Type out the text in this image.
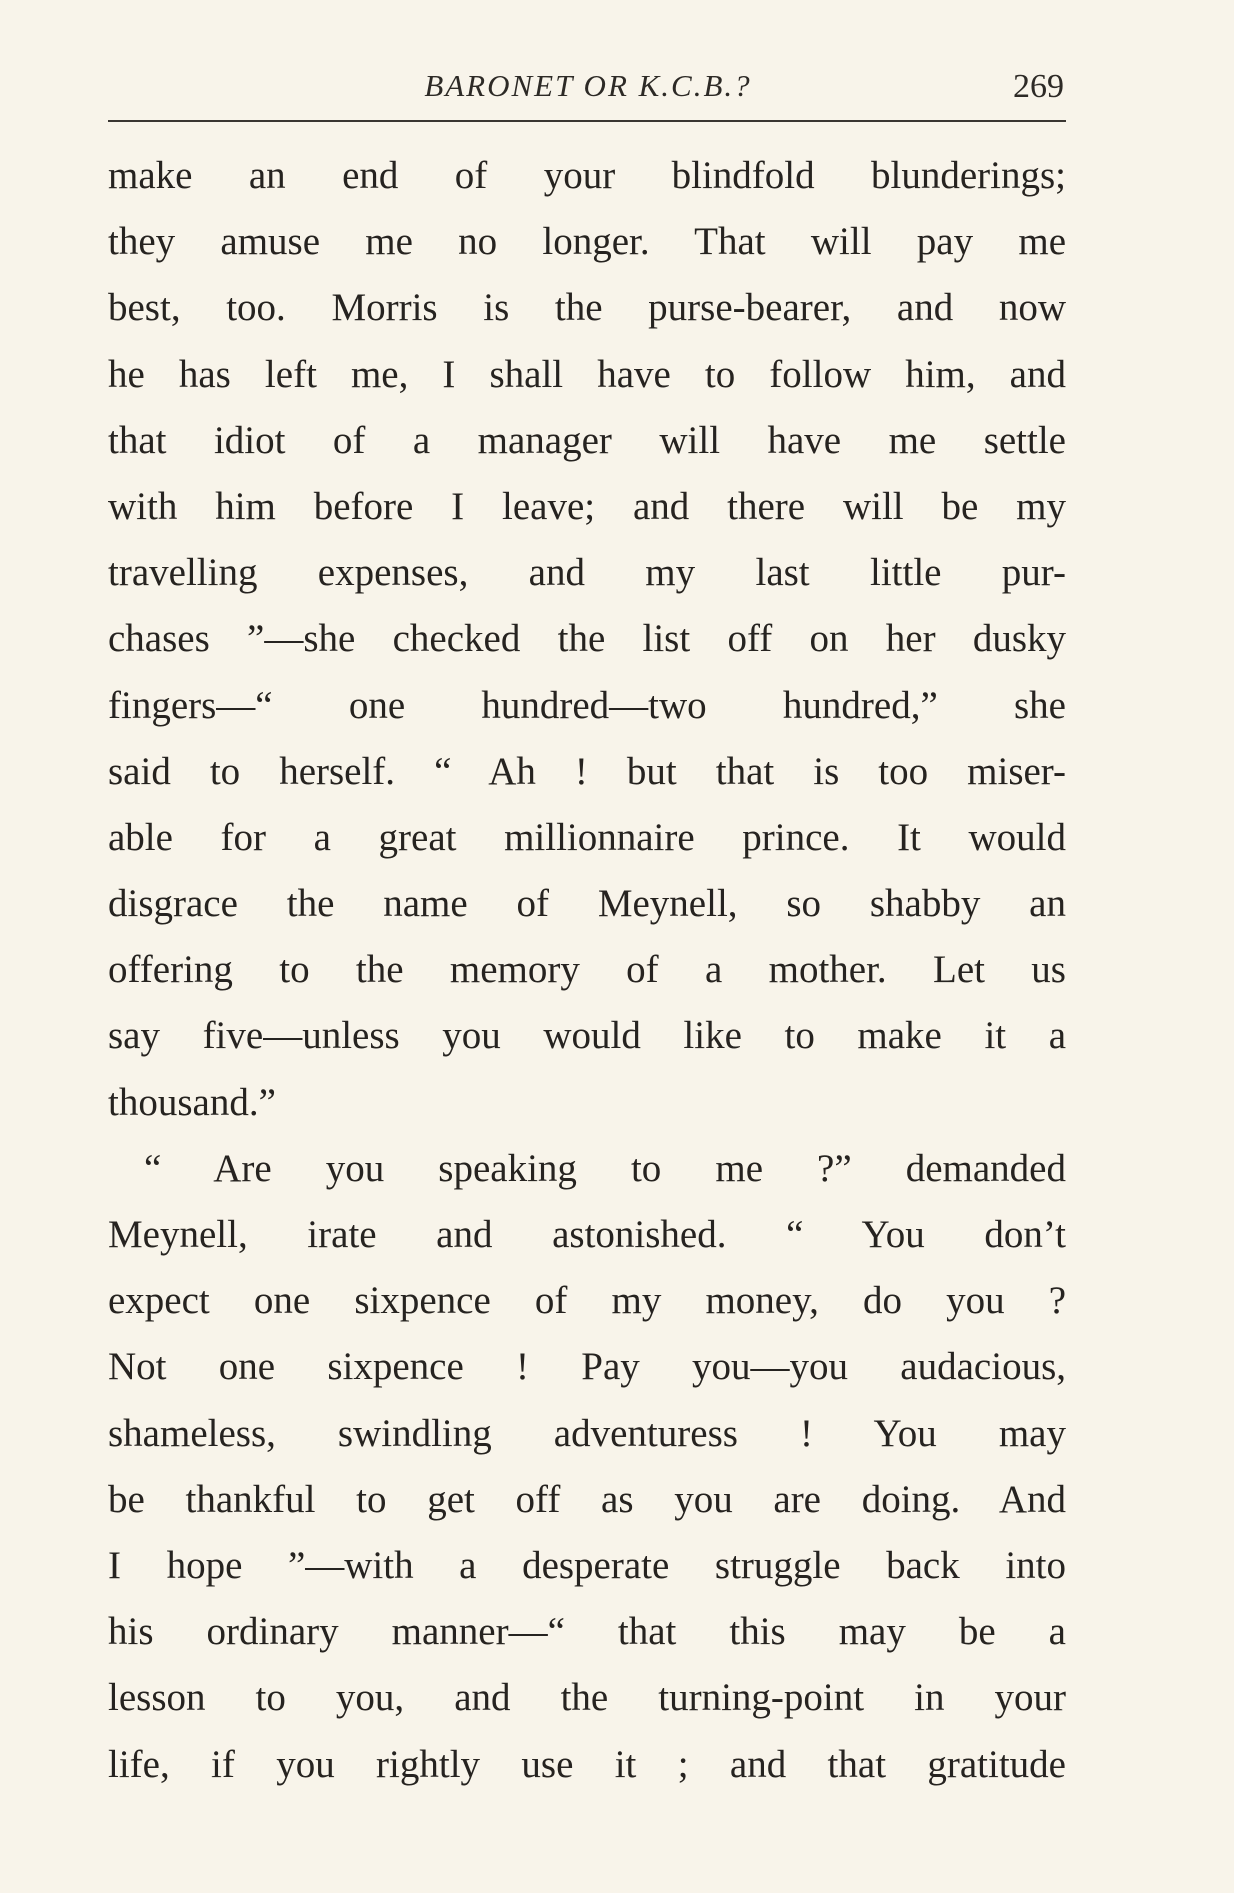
BARONET OR K.C.B.?	269
make an end of your blindfold blunderings;
they amuse me no longer. That will pay me
best, too. Morris is the purse-bearer, and now
he has left me, I shall have to follow him, and
that idiot of a manager will have me settle
with him before I leave; and there will be my
travelling expenses, and my last little pur-
chases ”—she checked the list off on her dusky
fingers—“ one hundred—two hundred,” she
said to herself. “ Ah ! but that is too miser-
able for a great millionnaire prince. It would
disgrace the name of Meynell, so shabby an
offering to the memory of a mother. Let us
say five—unless you would like to make it a
thousand.”
“ Are you speaking to me ?” demanded
Meynell, irate and astonished. “ You don’t
expect one sixpence of my money, do you ?
Not one sixpence ! Pay you—you audacious,
shameless, swindling adventuress ! You may
be thankful to get off as you are doing. And
I hope ”—with a desperate struggle back into
his ordinary manner—“ that this may be a
lesson to you, and the turning-point in your
life, if you rightly use it ; and that gratitude
